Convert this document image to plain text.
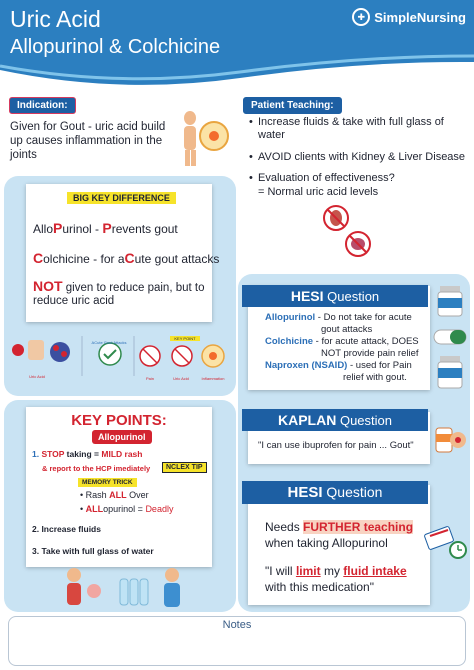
Uric Acid
Allopurinol & Colchicine
✚ SimpleNursing
Indication:
Given for Gout - uric acid build up causes inflammation in the joints
Patient Teaching:
• Increase fluids & take with full glass of water
• AVOID clients with Kidney & Liver Disease
• Evaluation of effectiveness?
= Normal uric acid levels
BIG KEY DIFFERENCE
AlloPurinol - Prevents gout
Colchicine - for aCute gout attacks
NOT given to reduce pain, but to reduce uric acid
Uric Acid
ACute Gout Attacks
KEY POINT
Pain	Uric Acid	Inflammation
KEY POINTS:
Allopurinol
1. STOP taking = MILD rash
& report to the HCP imediately	NCLEX TIP
MEMORY TRICK
• Rash ALL Over
• ALLopurinol = Deadly
2. Increase fluids
3. Take with full glass of water
HESI Question
Allopurinol - Do not take for acute
gout attacks
Colchicine - for acute attack, DOES
NOT provide pain relief
Naproxen (NSAID) - used for Pain
relief with gout.
KAPLAN Question
"I can use ibuprofen for pain ... Gout"
HESI Question
Needs FURTHER teaching
when taking Allopurinol
"I will limit my fluid intake
with this medication"
Notes
